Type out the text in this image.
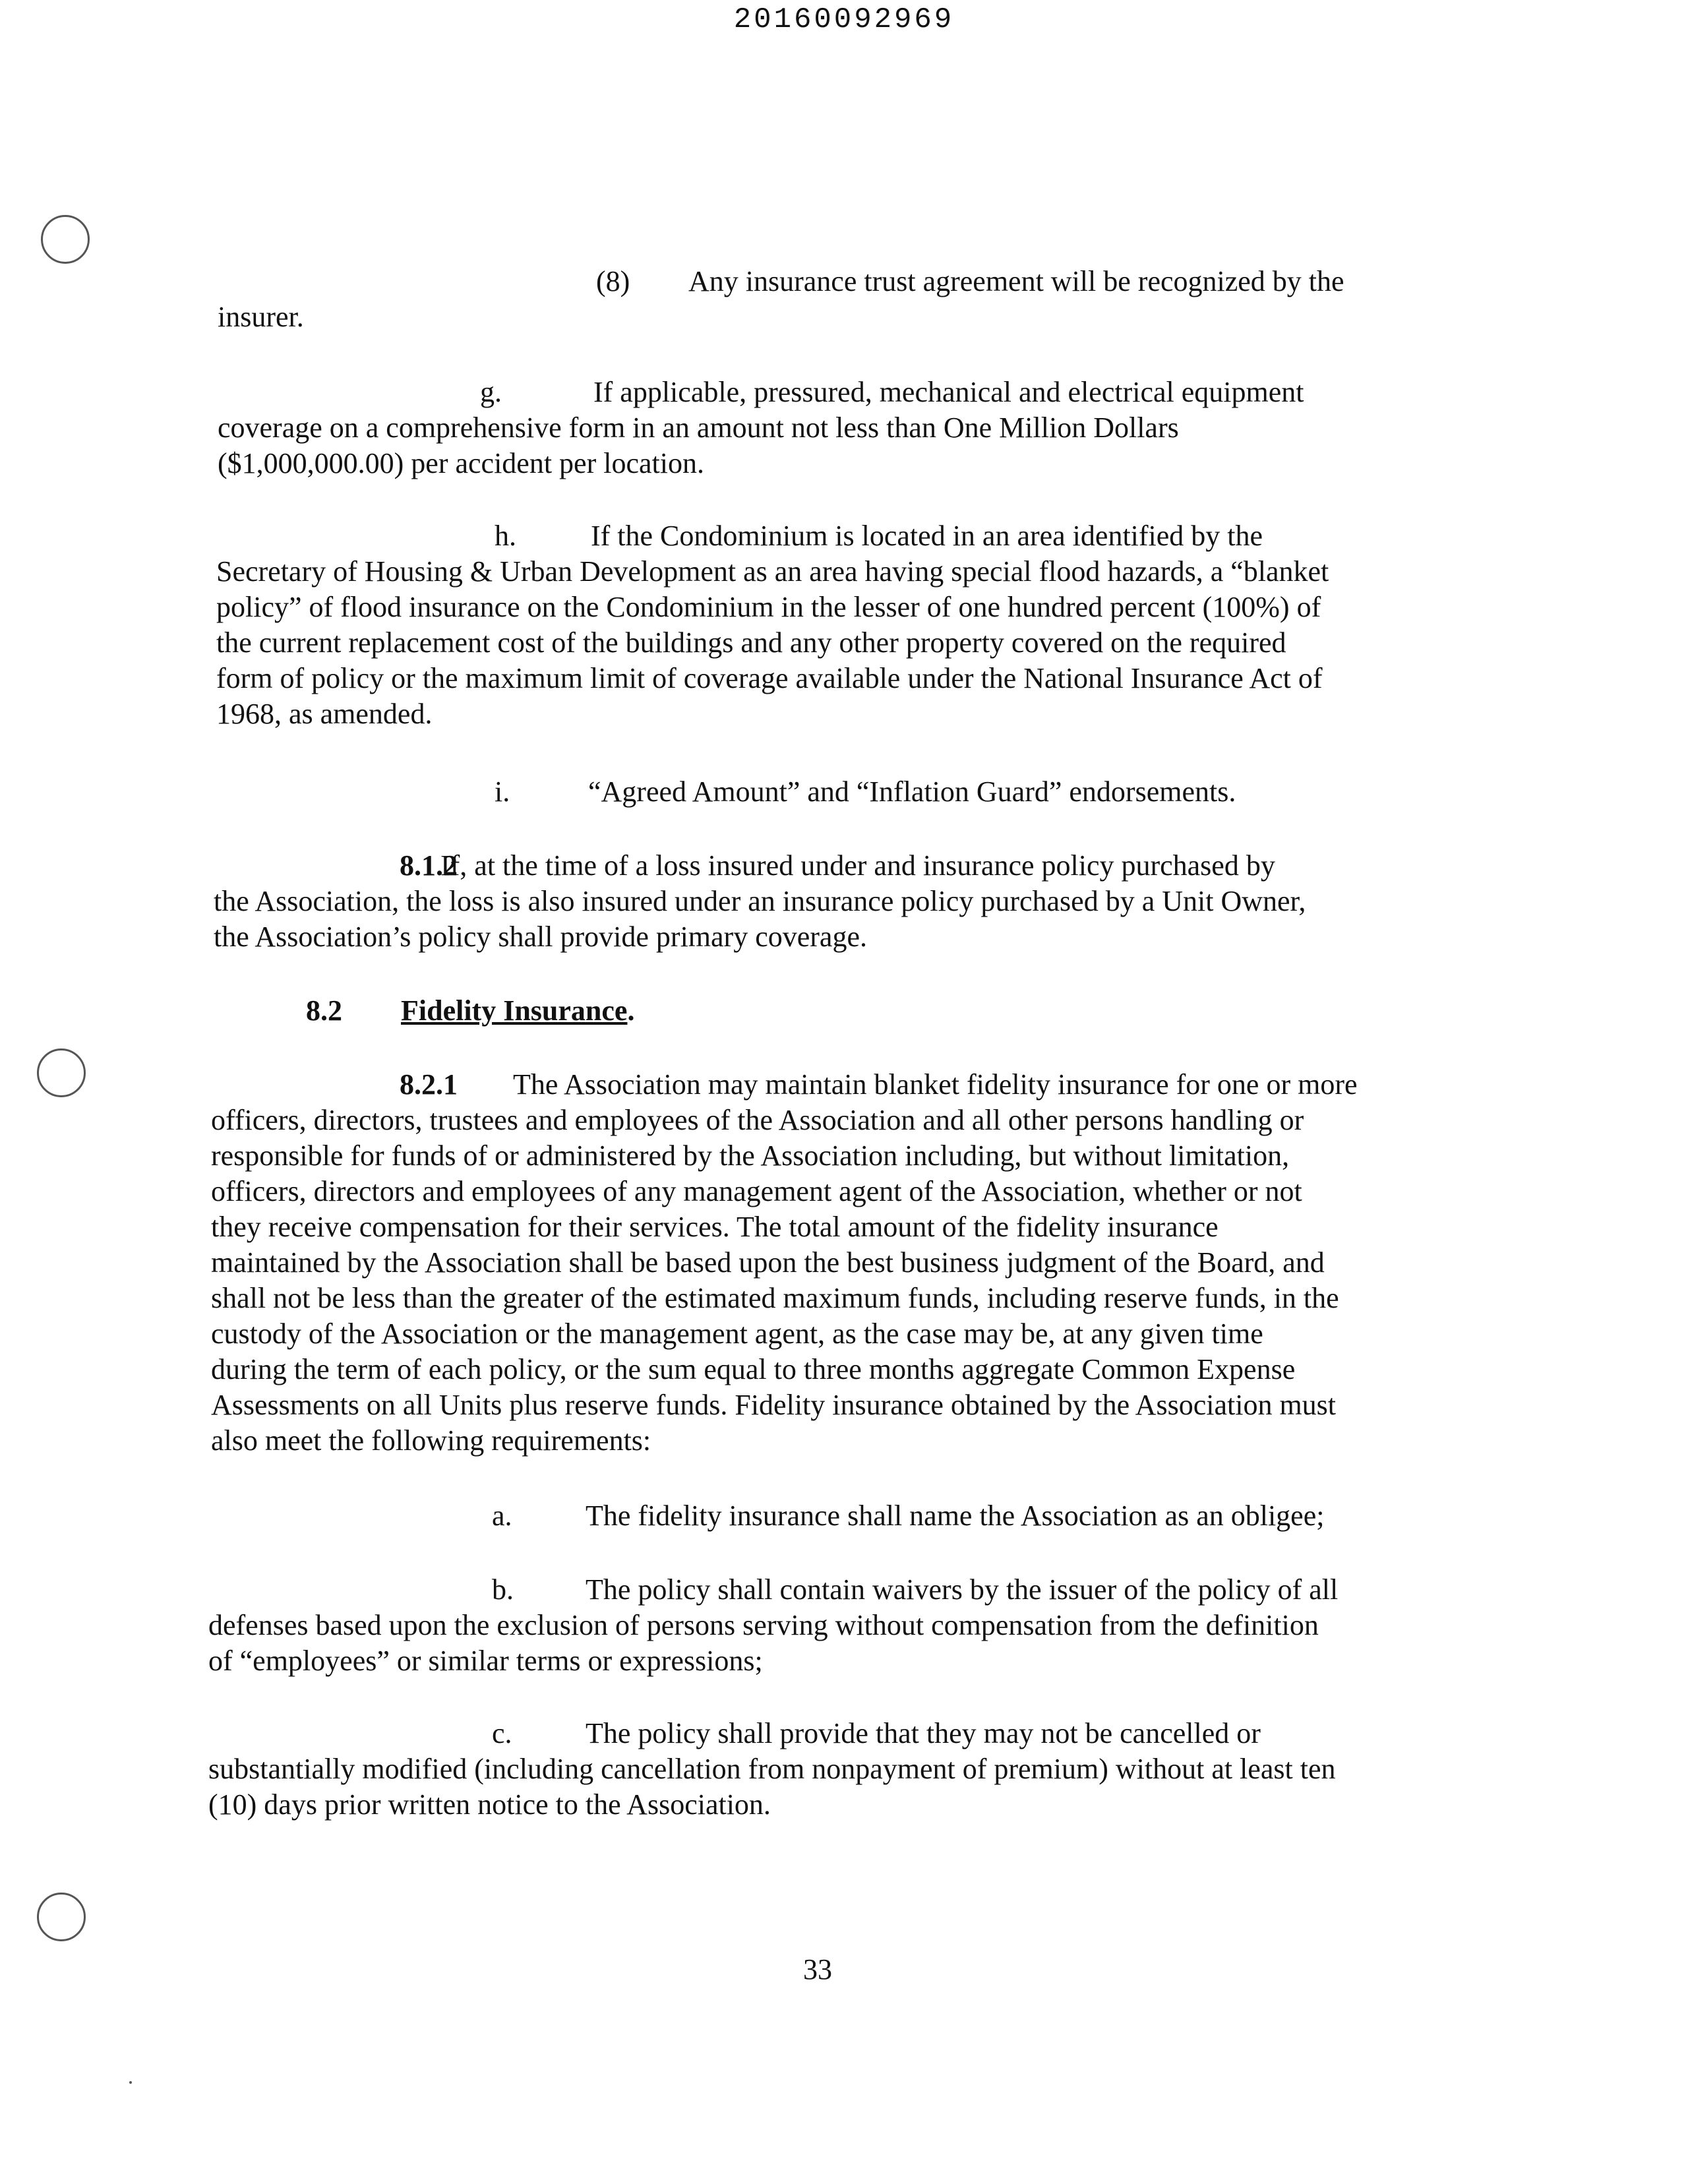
20160092969
(8) Any insurance trust agreement will be recognized by the
insurer.
g.	If applicable, pressured, mechanical and electrical equipment
coverage on a comprehensive form in an amount not less than One Million Dollars
($1,000,000.00) per accident per location.
h.	If the Condominium is located in an area identified by the
Secretary of Housing & Urban Development as an area having special flood hazards, a “blanket
policy” of flood insurance on the Condominium in the lesser of one hundred percent (100%) of
the current replacement cost of the buildings and any other property covered on the required
form of policy or the maximum limit of coverage available under the National Insurance Act of
1968, as amended.
i.	“Agreed Amount” and “Inflation Guard” endorsements.
8.1.2If, at the time of a loss insured under and insurance policy purchased by
the Association, the loss is also insured under an insurance policy purchased by a Unit Owner,
the Association’s policy shall provide primary coverage.
8.2 Fidelity Insurance.
8.2.1 The Association may maintain blanket fidelity insurance for one or more
officers, directors, trustees and employees of the Association and all other persons handling or
responsible for funds of or administered by the Association including, but without limitation,
officers, directors and employees of any management agent of the Association, whether or not
they receive compensation for their services. The total amount of the fidelity insurance
maintained by the Association shall be based upon the best business judgment of the Board, and
shall not be less than the greater of the estimated maximum funds, including reserve funds, in the
custody of the Association or the management agent, as the case may be, at any given time
during the term of each policy, or the sum equal to three months aggregate Common Expense
Assessments on all Units plus reserve funds. Fidelity insurance obtained by the Association must
also meet the following requirements:
a.	The fidelity insurance shall name the Association as an obligee;
b. The policy shall contain waivers by the issuer of the policy of all
defenses based upon the exclusion of persons serving without compensation from the definition
of “employees” or similar terms or expressions;
c.	The policy shall provide that they may not be cancelled or
substantially modified (including cancellation from nonpayment of premium) without at least ten
(10) days prior written notice to the Association.
33
